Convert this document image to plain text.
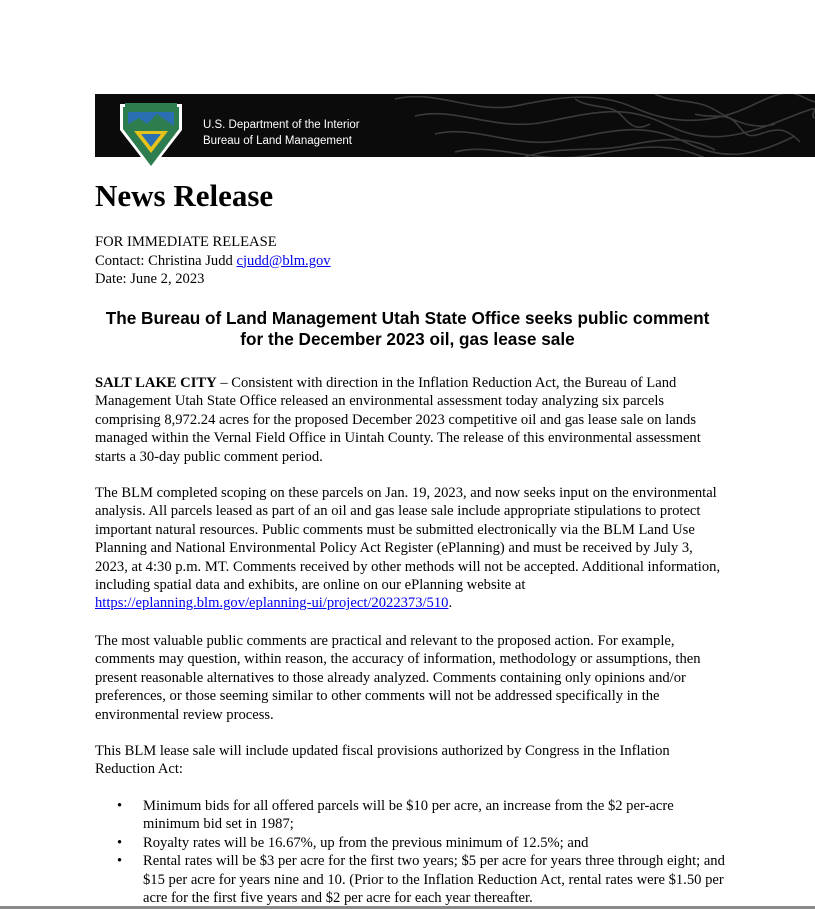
U.S. Department of the Interior
Bureau of Land Management
News Release
FOR IMMEDIATE RELEASE
Contact: Christina Judd cjudd@blm.gov
Date: June 2, 2023
The Bureau of Land Management Utah State Office seeks public comment for the December 2023 oil, gas lease sale

SALT LAKE CITY – Consistent with direction in the Inflation Reduction Act, the Bureau of Land Management Utah State Office released an environmental assessment today analyzing six parcels comprising 8,972.24 acres for the proposed December 2023 competitive oil and gas lease sale on lands managed within the Vernal Field Office in Uintah County. The release of this environmental assessment starts a 30-day public comment period.

The BLM completed scoping on these parcels on Jan. 19, 2023, and now seeks input on the environmental analysis. All parcels leased as part of an oil and gas lease sale include appropriate stipulations to protect important natural resources. Public comments must be submitted electronically via the BLM Land Use Planning and National Environmental Policy Act Register (ePlanning) and must be received by July 3, 2023, at 4:30 p.m. MT. Comments received by other methods will not be accepted. Additional information, including spatial data and exhibits, are online on our ePlanning website at https://eplanning.blm.gov/eplanning-ui/project/2022373/510.

The most valuable public comments are practical and relevant to the proposed action. For example, comments may question, within reason, the accuracy of information, methodology or assumptions, then present reasonable alternatives to those already analyzed. Comments containing only opinions and/or preferences, or those seeming similar to other comments will not be addressed specifically in the environmental review process.

This BLM lease sale will include updated fiscal provisions authorized by Congress in the Inflation Reduction Act:

• Minimum bids for all offered parcels will be $10 per acre, an increase from the $2 per-acre minimum bid set in 1987;
• Royalty rates will be 16.67%, up from the previous minimum of 12.5%; and
• Rental rates will be $3 per acre for the first two years; $5 per acre for years three through eight; and $15 per acre for years nine and 10. (Prior to the Inflation Reduction Act, rental rates were $1.50 per acre for the first five years and $2 per acre for each year thereafter.
